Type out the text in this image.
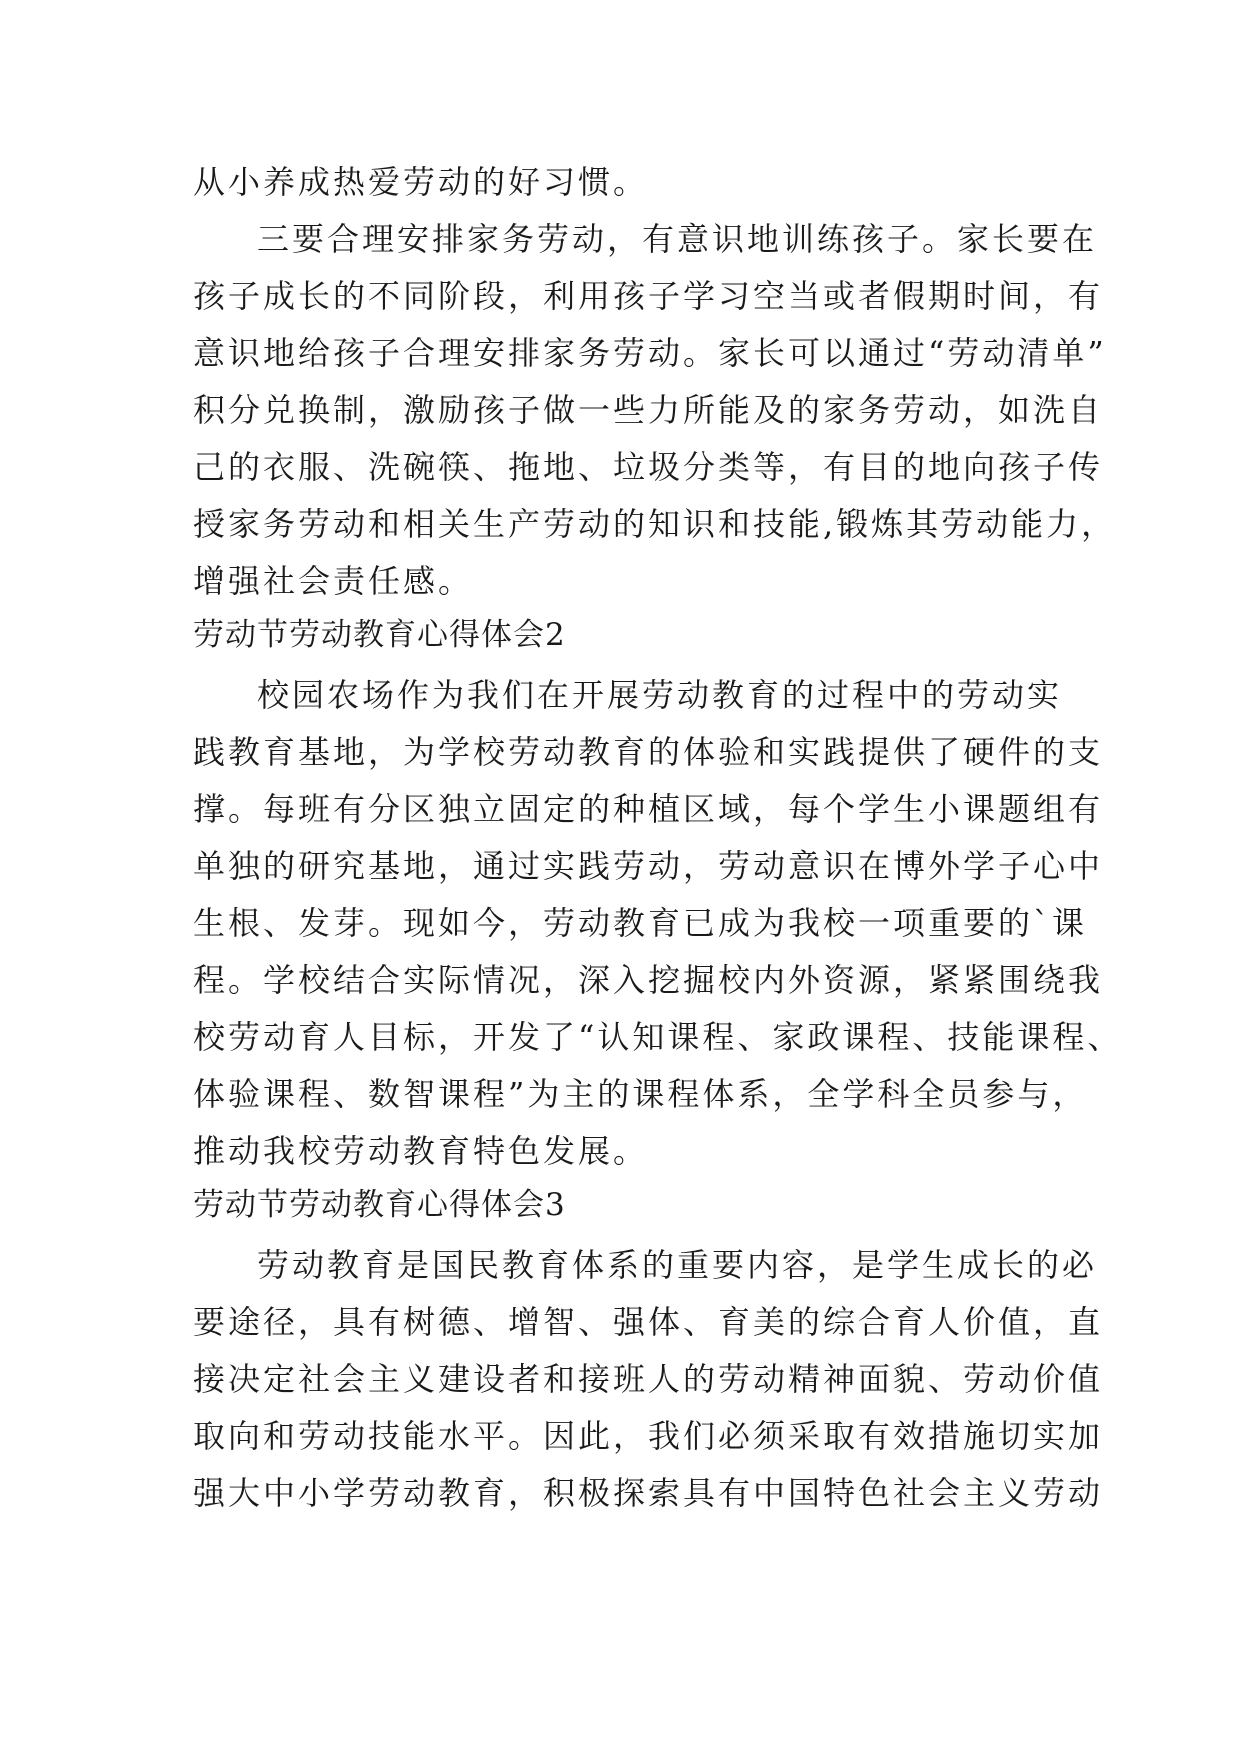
从小养成热爱劳动的好习惯。
三要合理安排家务劳动，有意识地训练孩子。家长要在
孩子成长的不同阶段，利用孩子学习空当或者假期时间，有
意识地给孩子合理安排家务劳动。家长可以通过“劳动清单”
积分兑换制，激励孩子做一些力所能及的家务劳动，如洗自
己的衣服、洗碗筷、拖地、垃圾分类等，有目的地向孩子传
授家务劳动和相关生产劳动的知识和技能,锻炼其劳动能力，
增强社会责任感。
劳动节劳动教育心得体会2
校园农场作为我们在开展劳动教育的过程中的劳动实
践教育基地，为学校劳动教育的体验和实践提供了硬件的支
撑。每班有分区独立固定的种植区域，每个学生小课题组有
单独的研究基地，通过实践劳动，劳动意识在博外学子心中
生根、发芽。现如今，劳动教育已成为我校一项重要的`课
程。学校结合实际情况，深入挖掘校内外资源，紧紧围绕我
校劳动育人目标，开发了“认知课程、家政课程、技能课程、
体验课程、数智课程”为主的课程体系，全学科全员参与，
推动我校劳动教育特色发展。
劳动节劳动教育心得体会3
劳动教育是国民教育体系的重要内容，是学生成长的必
要途径，具有树德、增智、强体、育美的综合育人价值，直
接决定社会主义建设者和接班人的劳动精神面貌、劳动价值
取向和劳动技能水平。因此，我们必须采取有效措施切实加
强大中小学劳动教育，积极探索具有中国特色社会主义劳动
